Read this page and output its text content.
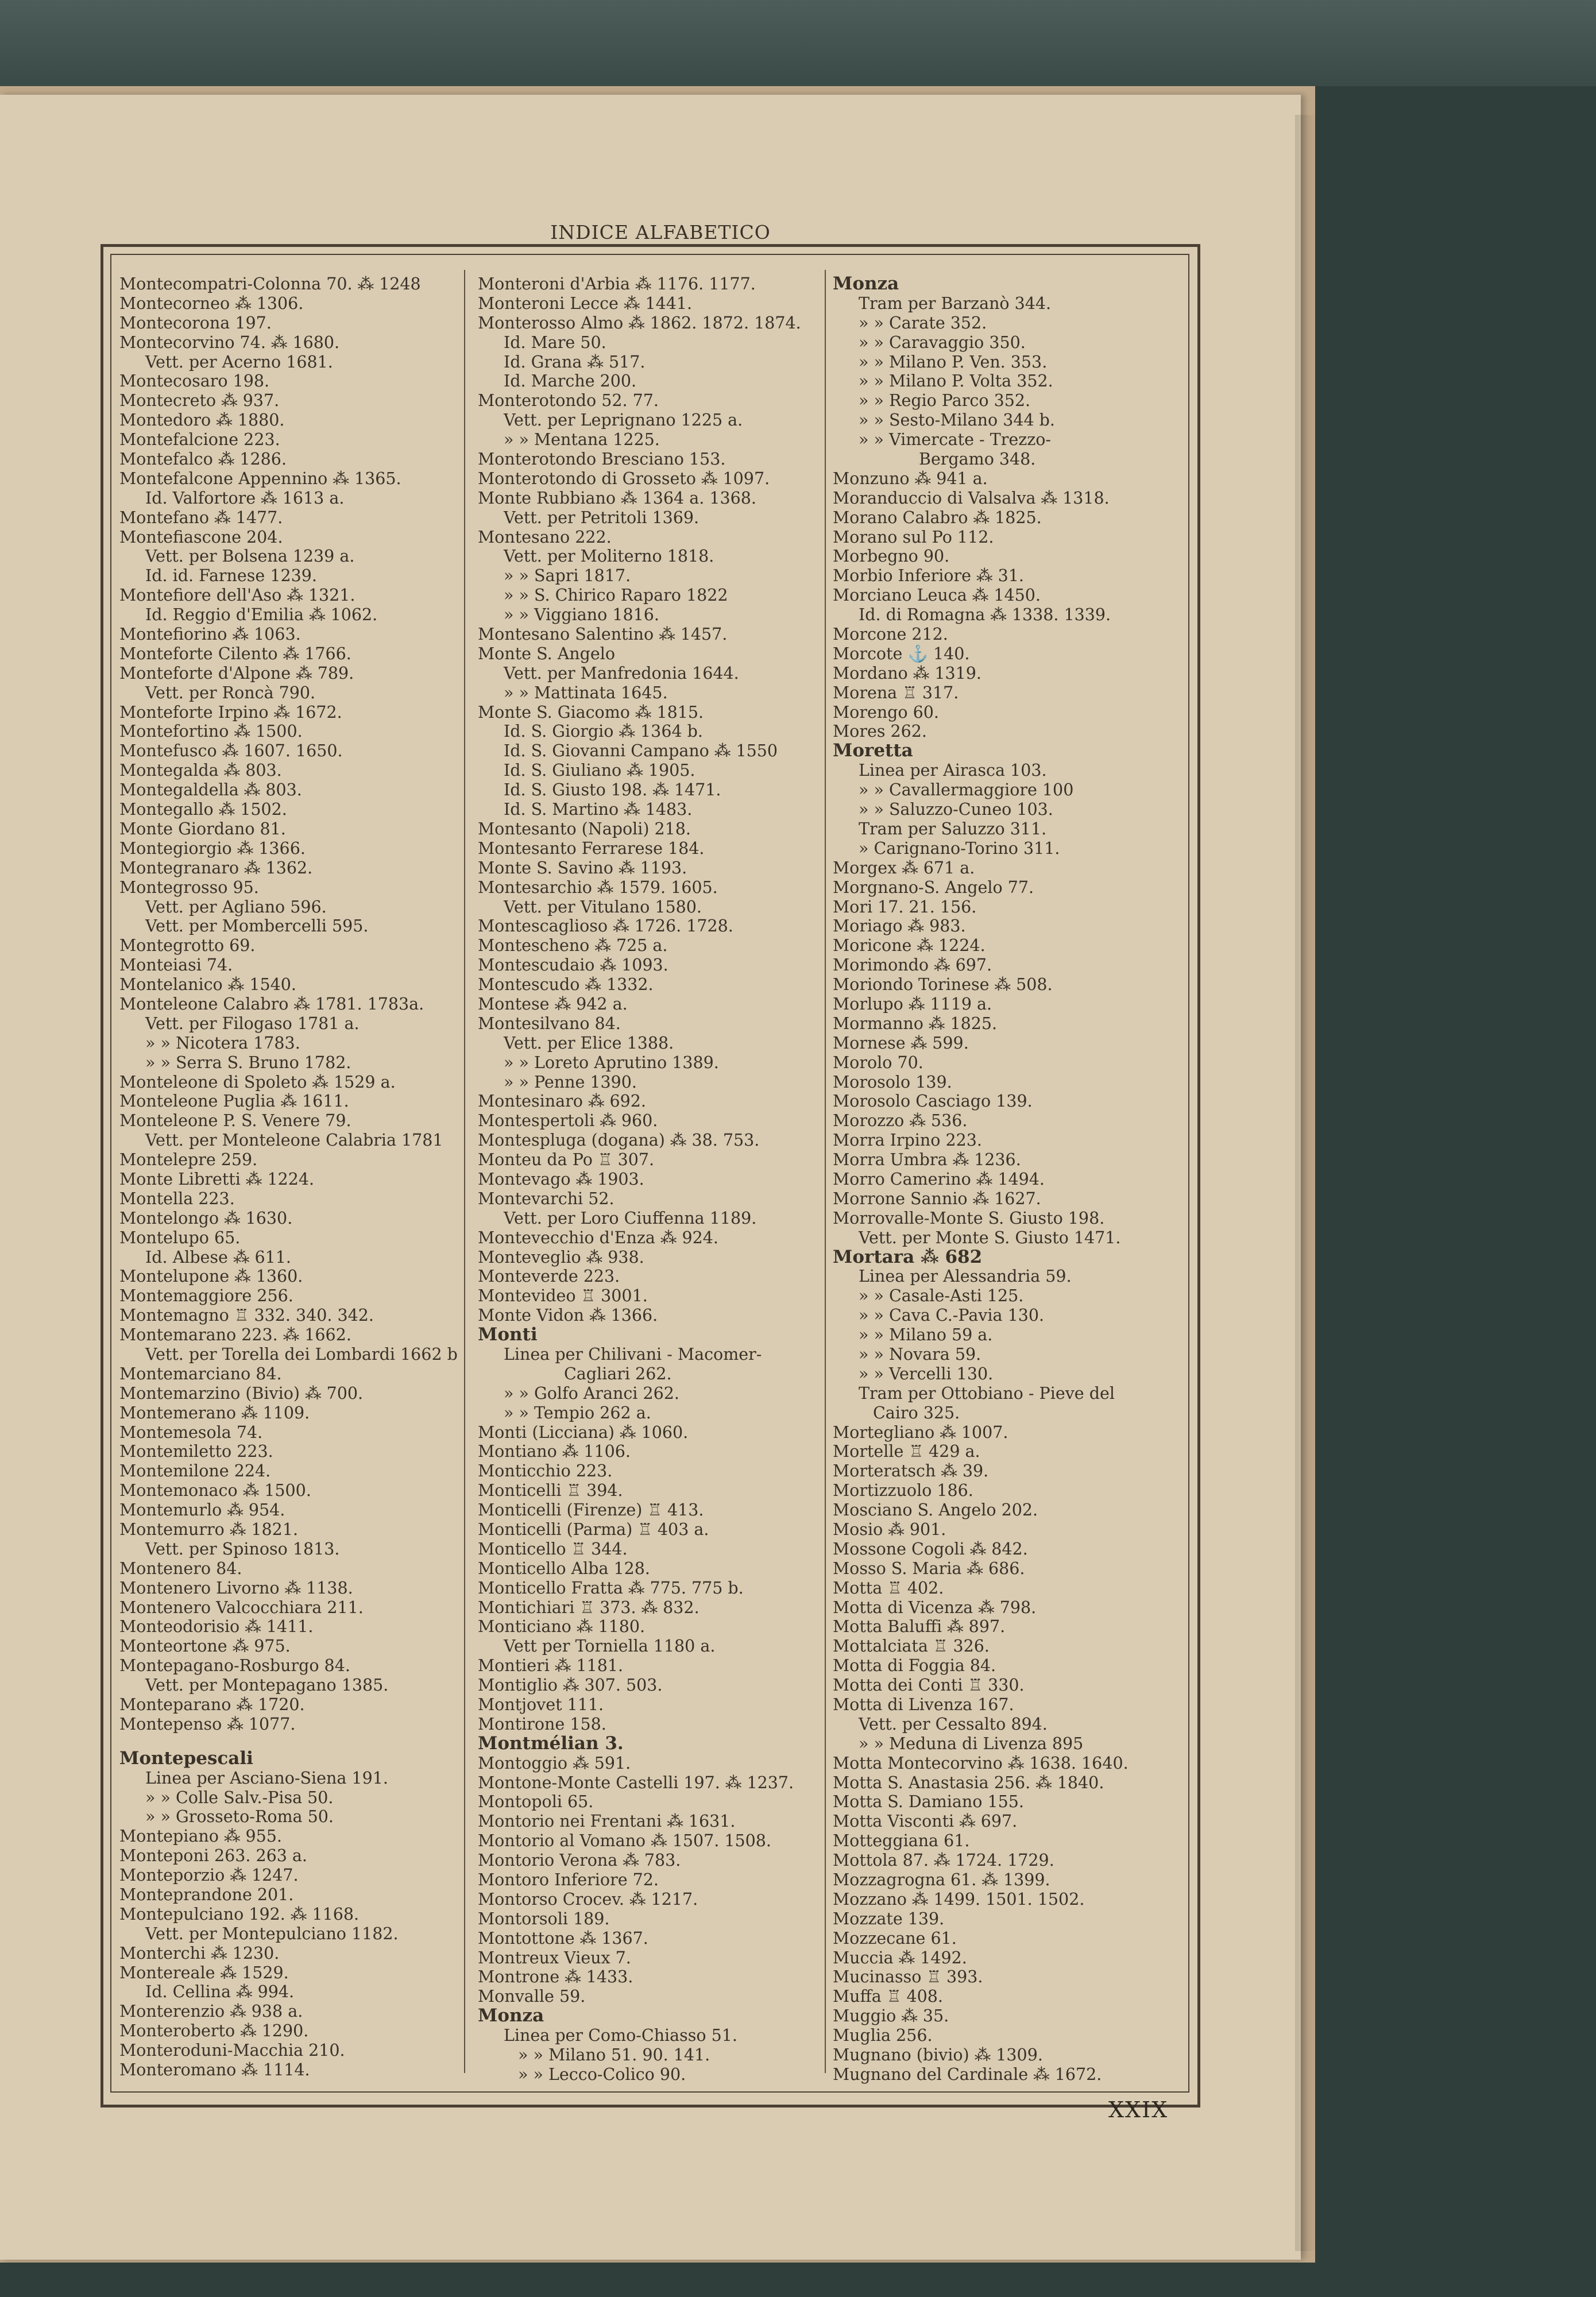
INDICE ALFABETICO
Montecompatri-Colonna 70. ⁂ 1248
Montecorneo ⁂ 1306.
Montecorona 197.
Montecorvino 74. ⁂ 1680.
Vett. per Acerno 1681.
Montecosaro 198.
Montecreto ⁂ 937.
Montedoro ⁂ 1880.
Montefalcione 223.
Montefalco ⁂ 1286.
Montefalcone Appennino ⁂ 1365.
Id. Valfortore ⁂ 1613 a.
Montefano ⁂ 1477.
Montefiascone 204.
Vett. per Bolsena 1239 a.
Id. id. Farnese 1239.
Montefiore dell'Aso ⁂ 1321.
Id. Reggio d'Emilia ⁂ 1062.
Montefiorino ⁂ 1063.
Monteforte Cilento ⁂ 1766.
Monteforte d'Alpone ⁂ 789.
Vett. per Roncà 790.
Monteforte Irpino ⁂ 1672.
Montefortino ⁂ 1500.
Montefusco ⁂ 1607. 1650.
Montegalda ⁂ 803.
Montegaldella ⁂ 803.
Montegallo ⁂ 1502.
Monte Giordano 81.
Montegiorgio ⁂ 1366.
Montegranaro ⁂ 1362.
Montegrosso 95.
Vett. per Agliano 596.
Vett. per Mombercelli 595.
Montegrotto 69.
Monteiasi 74.
Montelanico ⁂ 1540.
Monteleone Calabro ⁂ 1781. 1783a.
Vett. per Filogaso 1781 a.
» » Nicotera 1783.
» » Serra S. Bruno 1782.
Monteleone di Spoleto ⁂ 1529 a.
Monteleone Puglia ⁂ 1611.
Monteleone P. S. Venere 79.
Vett. per Monteleone Calabria 1781
Montelepre 259.
Monte Libretti ⁂ 1224.
Montella 223.
Montelongo ⁂ 1630.
Montelupo 65.
Id. Albese ⁂ 611.
Montelupone ⁂ 1360.
Montemaggiore 256.
Montemagno ♖ 332. 340. 342.
Montemarano 223. ⁂ 1662.
Vett. per Torella dei Lombardi 1662 b
Montemarciano 84.
Montemarzino (Bivio) ⁂ 700.
Montemerano ⁂ 1109.
Montemesola 74.
Montemiletto 223.
Montemilone 224.
Montemonaco ⁂ 1500.
Montemurlo ⁂ 954.
Montemurro ⁂ 1821.
Vett. per Spinoso 1813.
Montenero 84.
Montenero Livorno ⁂ 1138.
Montenero Valcocchiara 211.
Monteodorisio ⁂ 1411.
Monteortone ⁂ 975.
Montepagano-Rosburgo 84.
Vett. per Montepagano 1385.
Monteparano ⁂ 1720.
Montepenso ⁂ 1077.
Montepescali
Linea per Asciano-Siena 191.
» » Colle Salv.-Pisa 50.
» » Grosseto-Roma 50.
Montepiano ⁂ 955.
Monteponi 263. 263 a.
Monteporzio ⁂ 1247.
Monteprandone 201.
Montepulciano 192. ⁂ 1168.
Vett. per Montepulciano 1182.
Monterchi ⁂ 1230.
Montereale ⁂ 1529.
Id. Cellina ⁂ 994.
Monterenzio ⁂ 938 a.
Monteroberto ⁂ 1290.
Monteroduni-Macchia 210.
Monteromano ⁂ 1114.
Monteroni d'Arbia ⁂ 1176. 1177.
Monteroni Lecce ⁂ 1441.
Monterosso Almo ⁂ 1862. 1872. 1874.
Id. Mare 50.
Id. Grana ⁂ 517.
Id. Marche 200.
Monterotondo 52. 77.
Vett. per Leprignano 1225 a.
» » Mentana 1225.
Monterotondo Bresciano 153.
Monterotondo di Grosseto ⁂ 1097.
Monte Rubbiano ⁂ 1364 a. 1368.
Vett. per Petritoli 1369.
Montesano 222.
Vett. per Moliterno 1818.
» » Sapri 1817.
» » S. Chirico Raparo 1822
» » Viggiano 1816.
Montesano Salentino ⁂ 1457.
Monte S. Angelo
Vett. per Manfredonia 1644.
» » Mattinata 1645.
Monte S. Giacomo ⁂ 1815.
Id. S. Giorgio ⁂ 1364 b.
Id. S. Giovanni Campano ⁂ 1550
Id. S. Giuliano ⁂ 1905.
Id. S. Giusto 198. ⁂ 1471.
Id. S. Martino ⁂ 1483.
Montesanto (Napoli) 218.
Montesanto Ferrarese 184.
Monte S. Savino ⁂ 1193.
Montesarchio ⁂ 1579. 1605.
Vett. per Vitulano 1580.
Montescaglioso ⁂ 1726. 1728.
Montescheno ⁂ 725 a.
Montescudaio ⁂ 1093.
Montescudo ⁂ 1332.
Montese ⁂ 942 a.
Montesilvano 84.
Vett. per Elice 1388.
» » Loreto Aprutino 1389.
» » Penne 1390.
Montesinaro ⁂ 692.
Montespertoli ⁂ 960.
Montespluga (dogana) ⁂ 38. 753.
Monteu da Po ♖ 307.
Montevago ⁂ 1903.
Montevarchi 52.
Vett. per Loro Ciuffenna 1189.
Montevecchio d'Enza ⁂ 924.
Monteveglio ⁂ 938.
Monteverde 223.
Montevideo ♖ 3001.
Monte Vidon ⁂ 1366.
Monti
Linea per Chilivani - Macomer-
Cagliari 262.
» » Golfo Aranci 262.
» » Tempio 262 a.
Monti (Licciana) ⁂ 1060.
Montiano ⁂ 1106.
Monticchio 223.
Monticelli ♖ 394.
Monticelli (Firenze) ♖ 413.
Monticelli (Parma) ♖ 403 a.
Monticello ♖ 344.
Monticello Alba 128.
Monticello Fratta ⁂ 775. 775 b.
Montichiari ♖ 373. ⁂ 832.
Monticiano ⁂ 1180.
Vett per Torniella 1180 a.
Montieri ⁂ 1181.
Montiglio ⁂ 307. 503.
Montjovet 111.
Montirone 158.
Montmélian 3.
Montoggio ⁂ 591.
Montone-Monte Castelli 197. ⁂ 1237.
Montopoli 65.
Montorio nei Frentani ⁂ 1631.
Montorio al Vomano ⁂ 1507. 1508.
Montorio Verona ⁂ 783.
Montoro Inferiore 72.
Montorso Crocev. ⁂ 1217.
Montorsoli 189.
Montottone ⁂ 1367.
Montreux Vieux 7.
Montrone ⁂ 1433.
Monvalle 59.
Monza
Linea per Como-Chiasso 51.
» » Milano 51. 90. 141.
» » Lecco-Colico 90.
Monza
Tram per Barzanò 344.
» » Carate 352.
» » Caravaggio 350.
» » Milano P. Ven. 353.
» » Milano P. Volta 352.
» » Regio Parco 352.
» » Sesto-Milano 344 b.
» » Vimercate - Trezzo-
Bergamo 348.
Monzuno ⁂ 941 a.
Moranduccio di Valsalva ⁂ 1318.
Morano Calabro ⁂ 1825.
Morano sul Po 112.
Morbegno 90.
Morbio Inferiore ⁂ 31.
Morciano Leuca ⁂ 1450.
Id. di Romagna ⁂ 1338. 1339.
Morcone 212.
Morcote ⚓ 140.
Mordano ⁂ 1319.
Morena ♖ 317.
Morengo 60.
Mores 262.
Moretta
Linea per Airasca 103.
» » Cavallermaggiore 100
» » Saluzzo-Cuneo 103.
Tram per Saluzzo 311.
» Carignano-Torino 311.
Morgex ⁂ 671 a.
Morgnano-S. Angelo 77.
Mori 17. 21. 156.
Moriago ⁂ 983.
Moricone ⁂ 1224.
Morimondo ⁂ 697.
Moriondo Torinese ⁂ 508.
Morlupo ⁂ 1119 a.
Mormanno ⁂ 1825.
Mornese ⁂ 599.
Morolo 70.
Morosolo 139.
Morosolo Casciago 139.
Morozzo ⁂ 536.
Morra Irpino 223.
Morra Umbra ⁂ 1236.
Morro Camerino ⁂ 1494.
Morrone Sannio ⁂ 1627.
Morrovalle-Monte S. Giusto 198.
Vett. per Monte S. Giusto 1471.
Mortara ⁂ 682
Linea per Alessandria 59.
» » Casale-Asti 125.
» » Cava C.-Pavia 130.
» » Milano 59 a.
» » Novara 59.
» » Vercelli 130.
Tram per Ottobiano - Pieve del
Cairo 325.
Mortegliano ⁂ 1007.
Mortelle ♖ 429 a.
Morteratsch ⁂ 39.
Mortizzuolo 186.
Mosciano S. Angelo 202.
Mosio ⁂ 901.
Mossone Cogoli ⁂ 842.
Mosso S. Maria ⁂ 686.
Motta ♖ 402.
Motta di Vicenza ⁂ 798.
Motta Baluffi ⁂ 897.
Mottalciata ♖ 326.
Motta di Foggia 84.
Motta dei Conti ♖ 330.
Motta di Livenza 167.
Vett. per Cessalto 894.
» » Meduna di Livenza 895
Motta Montecorvino ⁂ 1638. 1640.
Motta S. Anastasia 256. ⁂ 1840.
Motta S. Damiano 155.
Motta Visconti ⁂ 697.
Motteggiana 61.
Mottola 87. ⁂ 1724. 1729.
Mozzagrogna 61. ⁂ 1399.
Mozzano ⁂ 1499. 1501. 1502.
Mozzate 139.
Mozzecane 61.
Muccia ⁂ 1492.
Mucinasso ♖ 393.
Muffa ♖ 408.
Muggio ⁂ 35.
Muglia 256.
Mugnano (bivio) ⁂ 1309.
Mugnano del Cardinale ⁂ 1672.
XXIX
